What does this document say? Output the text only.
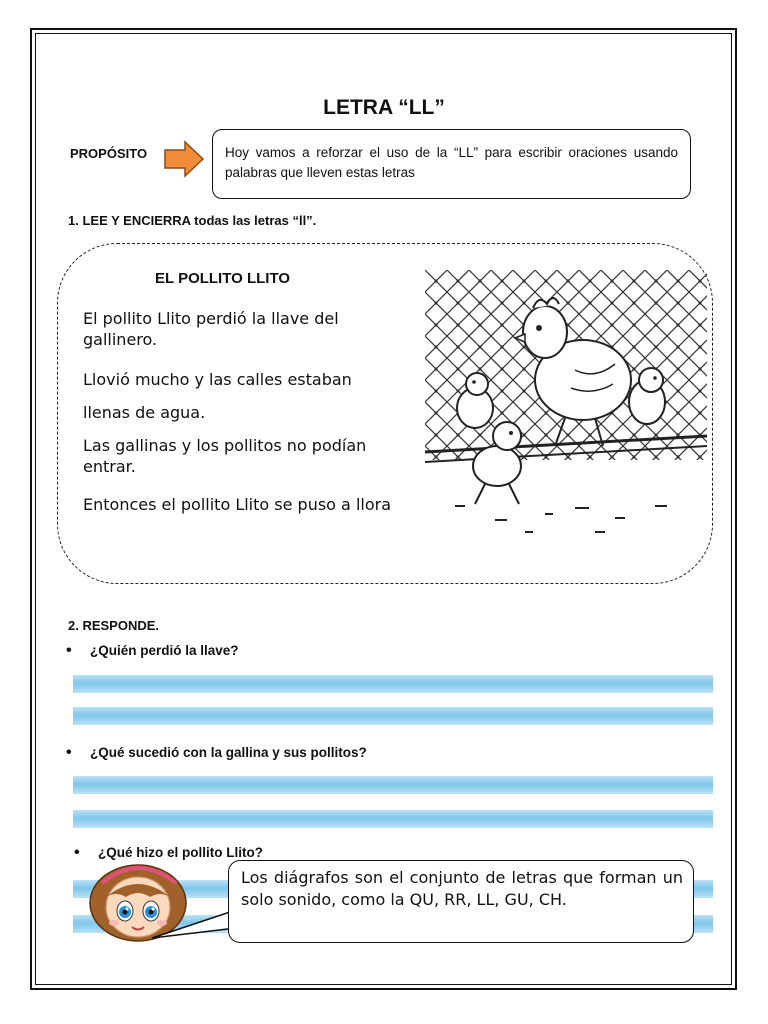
LETRA “LL”
PROPÓSITO	Hoy vamos a reforzar el uso de la “LL” para escribir oraciones usando palabras que lleven estas letras
1. LEE Y ENCIERRA todas las letras “ll”.
EL POLLITO LLITO
El pollito Llito perdió la llave del gallinero.
Llovió mucho y las calles estaban
llenas de agua.
Las gallinas y los pollitos no podían entrar.
Entonces el pollito Llito se puso a llora
2. RESPONDE.
• ¿Quién perdió la llave?
• ¿Qué sucedió con la gallina y sus pollitos?
• ¿Qué hizo el pollito Llito?
Los diágrafos son el conjunto de letras que forman un solo sonido, como la QU, RR, LL, GU, CH.
